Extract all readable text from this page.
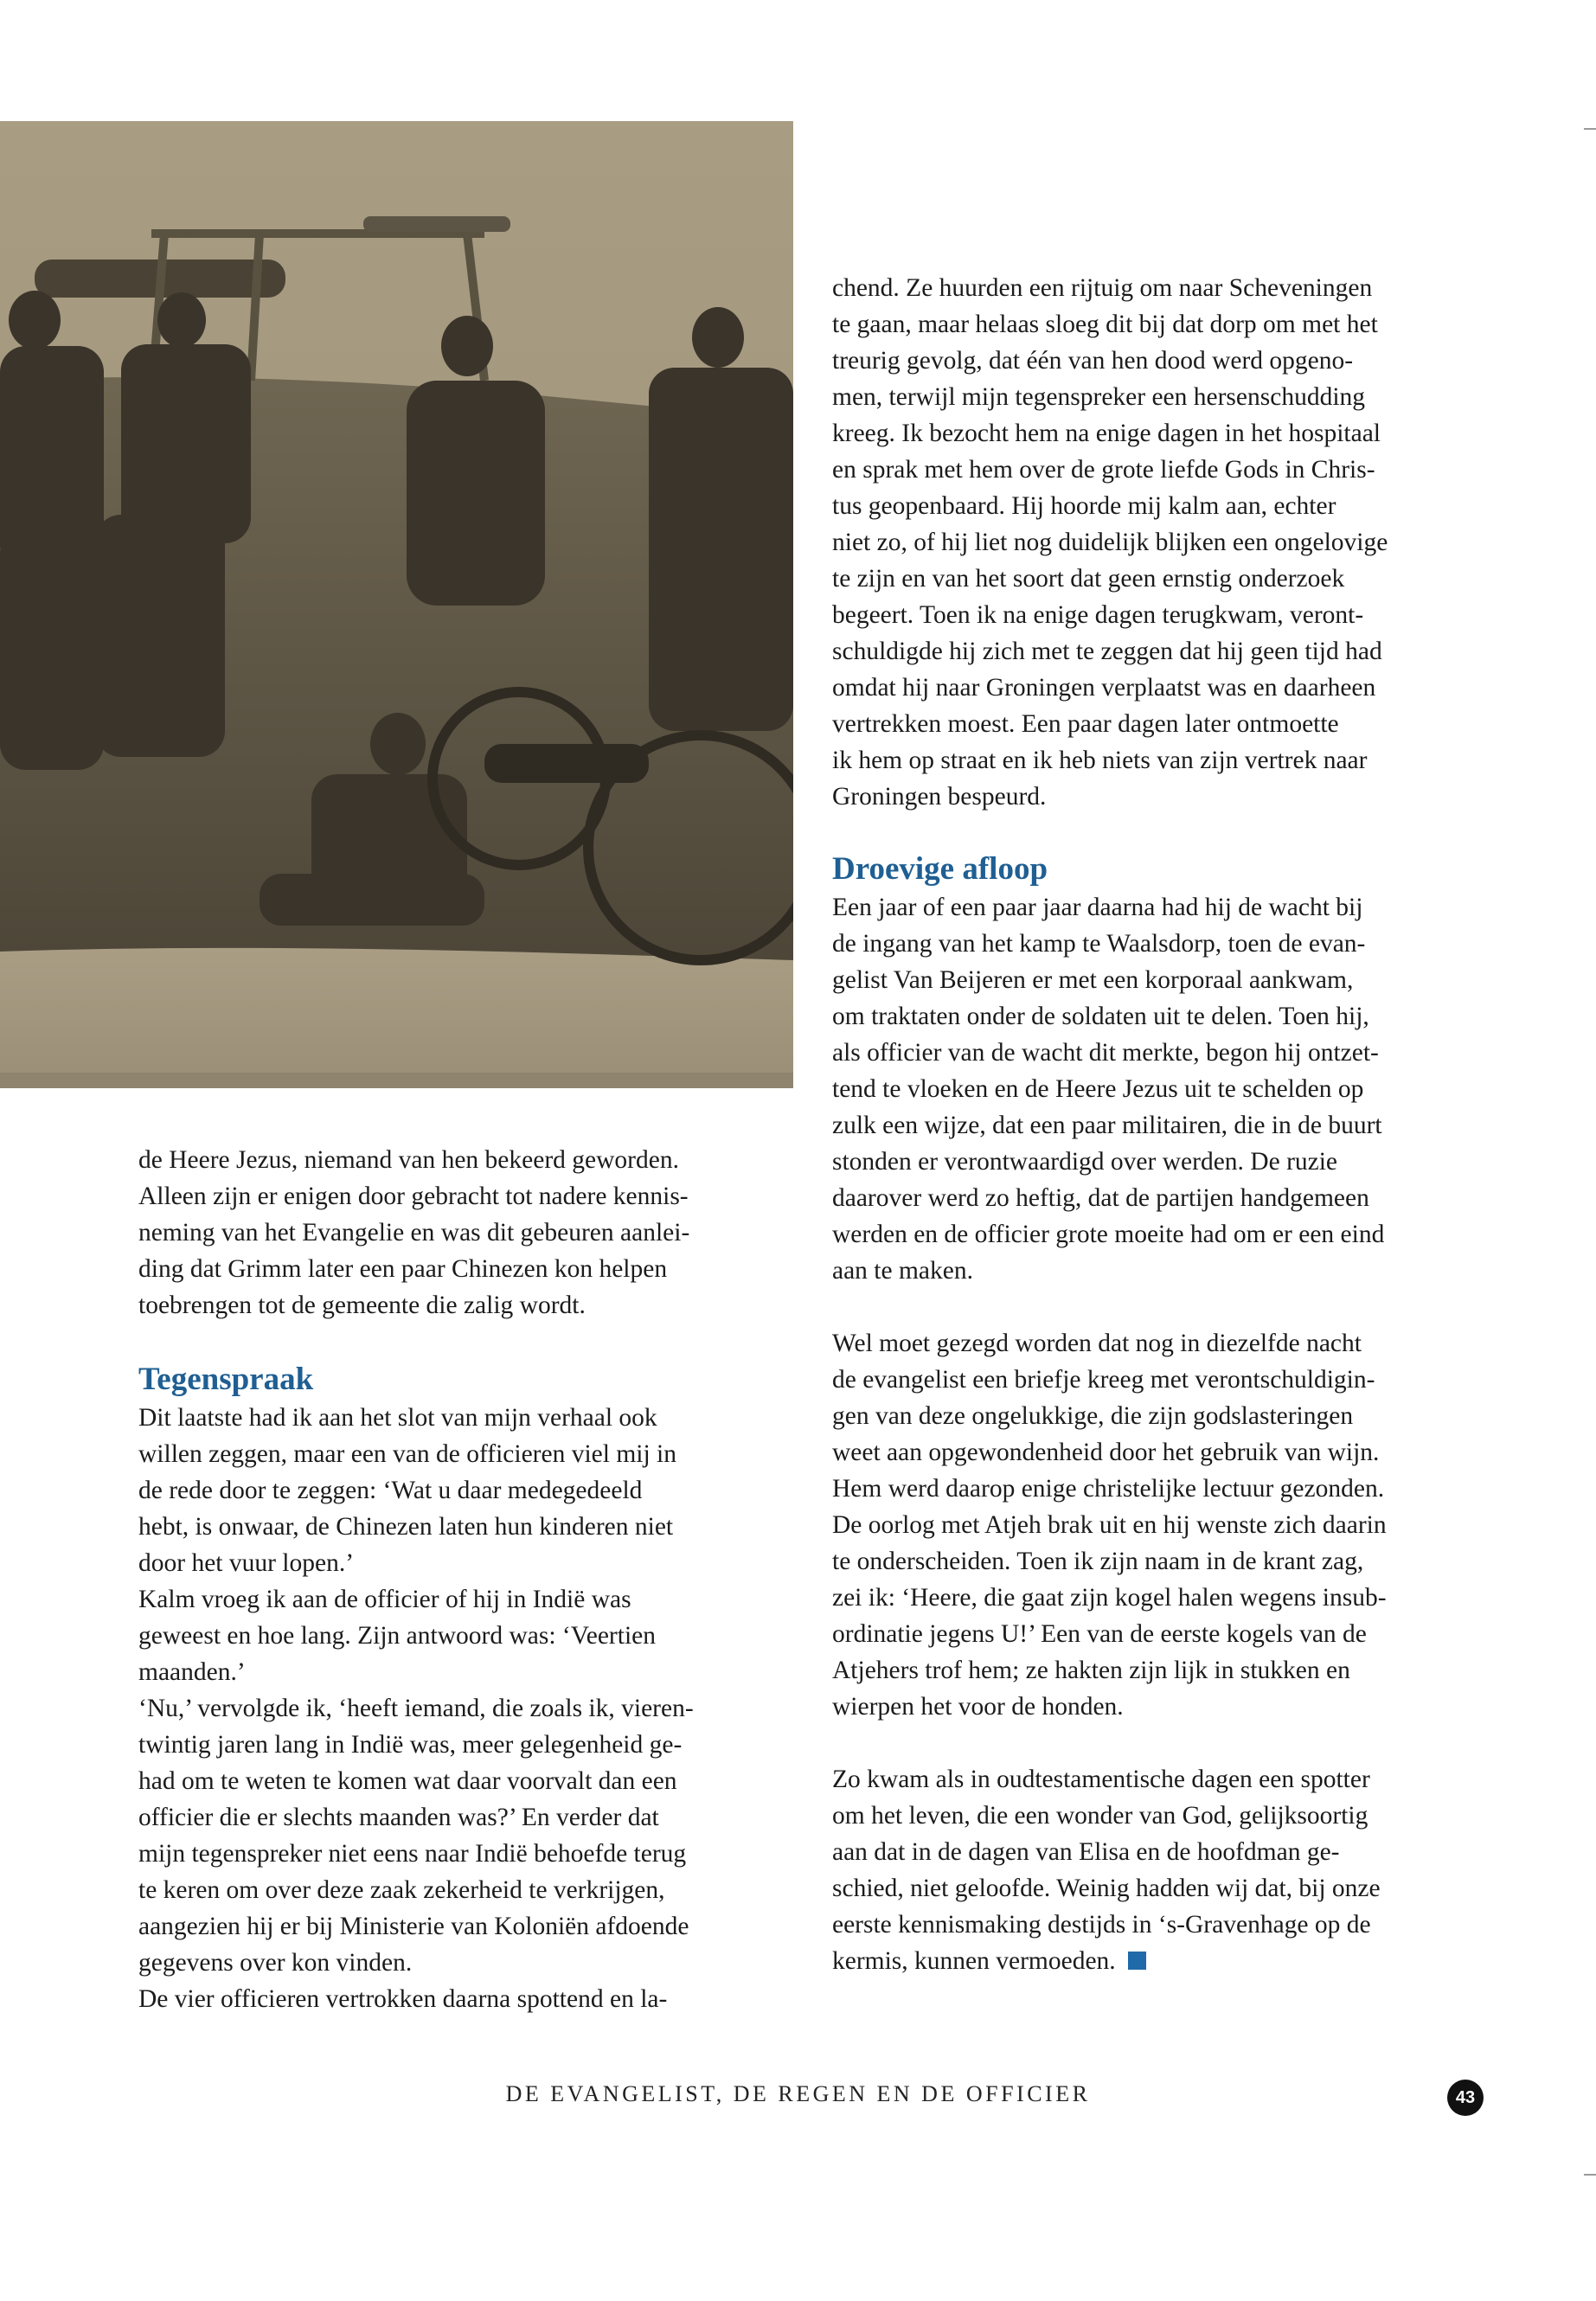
de Heere Jezus, niemand van hen bekeerd geworden.
Alleen zijn er enigen door gebracht tot nadere kennis-
neming van het Evangelie en was dit gebeuren aanlei-
ding dat Grimm later een paar Chinezen kon helpen
toebrengen tot de gemeente die zalig wordt.

Tegenspraak

Dit laatste had ik aan het slot van mijn verhaal ook
willen zeggen, maar een van de officieren viel mij in
de rede door te zeggen: ‘Wat u daar medegedeeld
hebt, is onwaar, de Chinezen laten hun kinderen niet
door het vuur lopen.’
Kalm vroeg ik aan de officier of hij in Indië was
geweest en hoe lang. Zijn antwoord was: ‘Veertien
maanden.’
‘Nu,’ vervolgde ik, ‘heeft iemand, die zoals ik, vieren-
twintig jaren lang in Indië was, meer gelegenheid ge-
had om te weten te komen wat daar voorvalt dan een
officier die er slechts maanden was?’ En verder dat
mijn tegenspreker niet eens naar Indië behoefde terug
te keren om over deze zaak zekerheid te verkrijgen,
aangezien hij er bij Ministerie van Koloniën afdoende
gegevens over kon vinden.
De vier officieren vertrokken daarna spottend en la-

chend. Ze huurden een rijtuig om naar Scheveningen
te gaan, maar helaas sloeg dit bij dat dorp om met het
treurig gevolg, dat één van hen dood werd opgeno-
men, terwijl mijn tegenspreker een hersenschudding
kreeg. Ik bezocht hem na enige dagen in het hospitaal
en sprak met hem over de grote liefde Gods in Chris-
tus geopenbaard. Hij hoorde mij kalm aan, echter
niet zo, of hij liet nog duidelijk blijken een ongelovige
te zijn en van het soort dat geen ernstig onderzoek
begeert. Toen ik na enige dagen terugkwam, veront-
schuldigde hij zich met te zeggen dat hij geen tijd had
omdat hij naar Groningen verplaatst was en daarheen
vertrekken moest. Een paar dagen later ontmoette
ik hem op straat en ik heb niets van zijn vertrek naar
Groningen bespeurd.

Droevige afloop

Een jaar of een paar jaar daarna had hij de wacht bij
de ingang van het kamp te Waalsdorp, toen de evan-
gelist Van Beijeren er met een korporaal aankwam,
om traktaten onder de soldaten uit te delen. Toen hij,
als officier van de wacht dit merkte, begon hij ontzet-
tend te vloeken en de Heere Jezus uit te schelden op
zulk een wijze, dat een paar militairen, die in de buurt
stonden er verontwaardigd over werden. De ruzie
daarover werd zo heftig, dat de partijen handgemeen
werden en de officier grote moeite had om er een eind
aan te maken.

Wel moet gezegd worden dat nog in diezelfde nacht
de evangelist een briefje kreeg met verontschuldigin-
gen van deze ongelukkige, die zijn godslasteringen
weet aan opgewondenheid door het gebruik van wijn.
Hem werd daarop enige christelijke lectuur gezonden.
De oorlog met Atjeh brak uit en hij wenste zich daarin
te onderscheiden. Toen ik zijn naam in de krant zag,
zei ik: ‘Heere, die gaat zijn kogel halen wegens insub-
ordinatie jegens U!’ Een van de eerste kogels van de
Atjehers trof hem; ze hakten zijn lijk in stukken en
wierpen het voor de honden.

Zo kwam als in oudtestamentische dagen een spotter
om het leven, die een wonder van God, gelijksoortig
aan dat in de dagen van Elisa en de hoofdman ge-
schied, niet geloofde. Weinig hadden wij dat, bij onze
eerste kennismaking destijds in ‘s-Gravenhage op de
kermis, kunnen vermoeden.

DE EVANGELIST, DE REGEN EN DE OFFICIER	43
